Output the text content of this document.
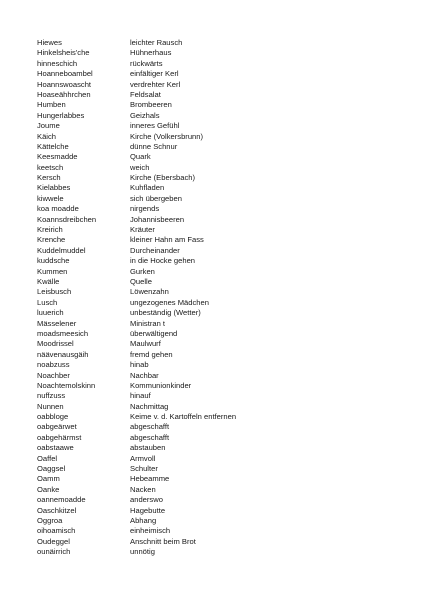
Hiewes	leichter Rausch
Hinkelsheis'che	Hühnerhaus
hinneschich	rückwärts
Hoanneboambel	einfältiger Kerl
Hoannswoascht	verdrehter Kerl
Hoaseähhrchen	Feldsalat
Humben	Brombeeren
Hungerlabbes	Geizhals
Joume	inneres Gefühl
Käich	Kirche (Volkersbrunn)
Kättelche	dünne Schnur
Keesmadde	Quark
keetsch	weich
Kersch	Kirche (Ebersbach)
Kielabbes	Kuhfladen
kiwwele	sich übergeben
koa moadde	nirgends
Koannsdreibchen	Johannisbeeren
Kreirich	Kräuter
Krenche	kleiner Hahn am Fass
Kuddelmuddel	Durcheinander
kuddsche	in die Hocke gehen
Kummen	Gurken
Kwälle	Quelle
Leisbusch	Löwenzahn
Lusch	ungezogenes Mädchen
luuerich	unbeständig (Wetter)
Mässelener	Ministran t
moadsmeesich	überwältigend
Moodrissel	Maulwurf
näävenausgäih	fremd gehen
noabzuss	hinab
Noachber	Nachbar
Noachtemolskinn	Kommunionkinder
nuffzuss	hinauf
Nunnen	Nachmittag
oabbloge	Keime v. d. Kartoffeln entfernen
oabgeärwet	abgeschafft
oabgehärmst	abgeschafft
oabstaawe	abstauben
Oaffel	Armvoll
Oaggsel	Schulter
Oamm	Hebeamme
Oanke	Nacken
oannemoadde	anderswo
Oaschkitzel	Hagebutte
Oggroa	Abhang
oihoamisch	einheimisch
Oudeggel	Anschnitt beim Brot
ounäirrich	unnötig
